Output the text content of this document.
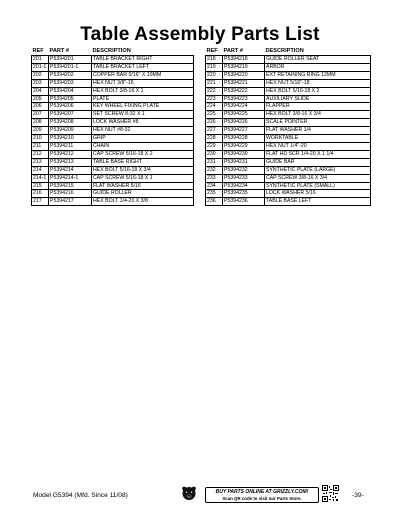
Table Assembly Parts List
REF	PART #	DESCRIPTION
201	P5394201	TABLE BRACKET RIGHT
201-1	P5394201-1	TABLE BRACKET LEFT
202	P5394202	COPPER BAR 5/16" X 10MM
203	P5394203	HEX NUT 3/8"-16
204	P5394204	HEX BOLT 3/8-16 X 1
205	P5394205	PLATE
206	P5394206	KEY WHEEL FIXING PLATE
207	P5394207	SET SCREW 8-32 X 1
208	P5394208	LOCK WASHER #8
209	P5394209	HEX NUT #8-32
210	P5394210	GRIP
211	P5394211	CHAIN
212	P5394212	CAP SCREW 5/16-18 X 2
213	P5394213	TABLE BASE RIGHT
214	P5394214	HEX BOLT 5/16-18 X 3/4
214-1	P5394214-1	CAP SCREW 5/16-18 X 1
215	P5394215	FLAT WASHER 5/16
216	P5394216	GUIDE ROLLER
217	P5394217	HEX BOLT 1/4-20 X 3/8
REF	PART #	DESCRIPTION
218	P5394218	GUIDE ROLLER SEAT
219	P5394219	ARBOR
220	P5394220	EXT RETAINING RING 12MM
221	P5394221	HEX NUT 5/16"-18
222	P5394222	HEX BOLT 5/16-18 X 2
223	P5394223	AUXILIARY SLIDE
224	P5394224	FLAPPER
225	P5394225	HEX BOLT 3/8-16 X 3/4
226	P5394226	SCALE POINTER
227	P5394227	FLAT WASHER 1/4
228	P5394228	WORKTABLE
229	P5394229	HEX NUT 1/4"-20
230	P5394230	FLAT HD SCR 1/4-20 X 1 1/4
231	P5394231	GUIDE BAR
232	P5394232	SYNTHETIC PLATE (LARGE)
233	P5394233	CAP SCREW 3/8-16 X 3/4
234	P5394234	SYNTHETIC PLATE (SMALL)
235	P5394235	LOCK WASHER 5/16
236	P5394236	TABLE BASE LEFT
Model G5394 (Mfd. Since 11/08)	BUY PARTS ONLINE AT GRIZZLY.COM!
Scan QR code to visit our Parts Store.	-39-
